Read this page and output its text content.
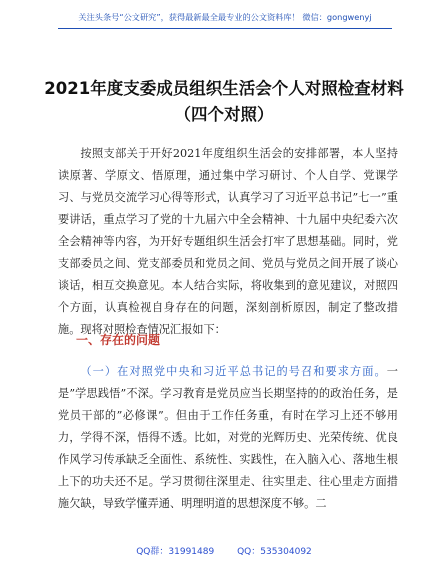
关注头条号“公文研究”，获得最新最全最专业的公文资料库！ 微信：gongwenyj
2021年度支委成员组织生活会个人对照检查材料（四个对照）
按照支部关于开好2021年度组织生活会的安排部署，本人坚持读原著、学原文、悟原理，通过集中学习研讨、个人自学、党课学习、与党员交流学习心得等形式，认真学习了习近平总书记”七一”重要讲话，重点学习了党的十九届六中全会精神、十九届中央纪委六次全会精神等内容，为开好专题组织生活会打牢了思想基础。同时，党支部委员之间、党支部委员和党员之间、党员与党员之间开展了谈心谈话，相互交换意见。本人结合实际，将收集到的意见建议，对照四个方面，认真检视自身存在的问题，深刻剖析原因，制定了整改措施。现将对照检查情况汇报如下：
一、存在的问题
（一）在对照党中央和习近平总书记的号召和要求方面。一是”学思践悟”不深。学习教育是党员应当长期坚持的的政治任务，是党员干部的”必修课”。但由于工作任务重，有时在学习上还不够用力，学得不深，悟得不透。比如，对党的光辉历史、光荣传统、优良作风学习传承缺乏全面性、系统性、实践性，在入脑入心、落地生根上下的功夫还不足。学习贯彻往深里走、往实里走、往心里走方面措施欠缺，导致学懂弄通、明理明道的思想深度不够。二
QQ群：31991489	QQ：535304092
